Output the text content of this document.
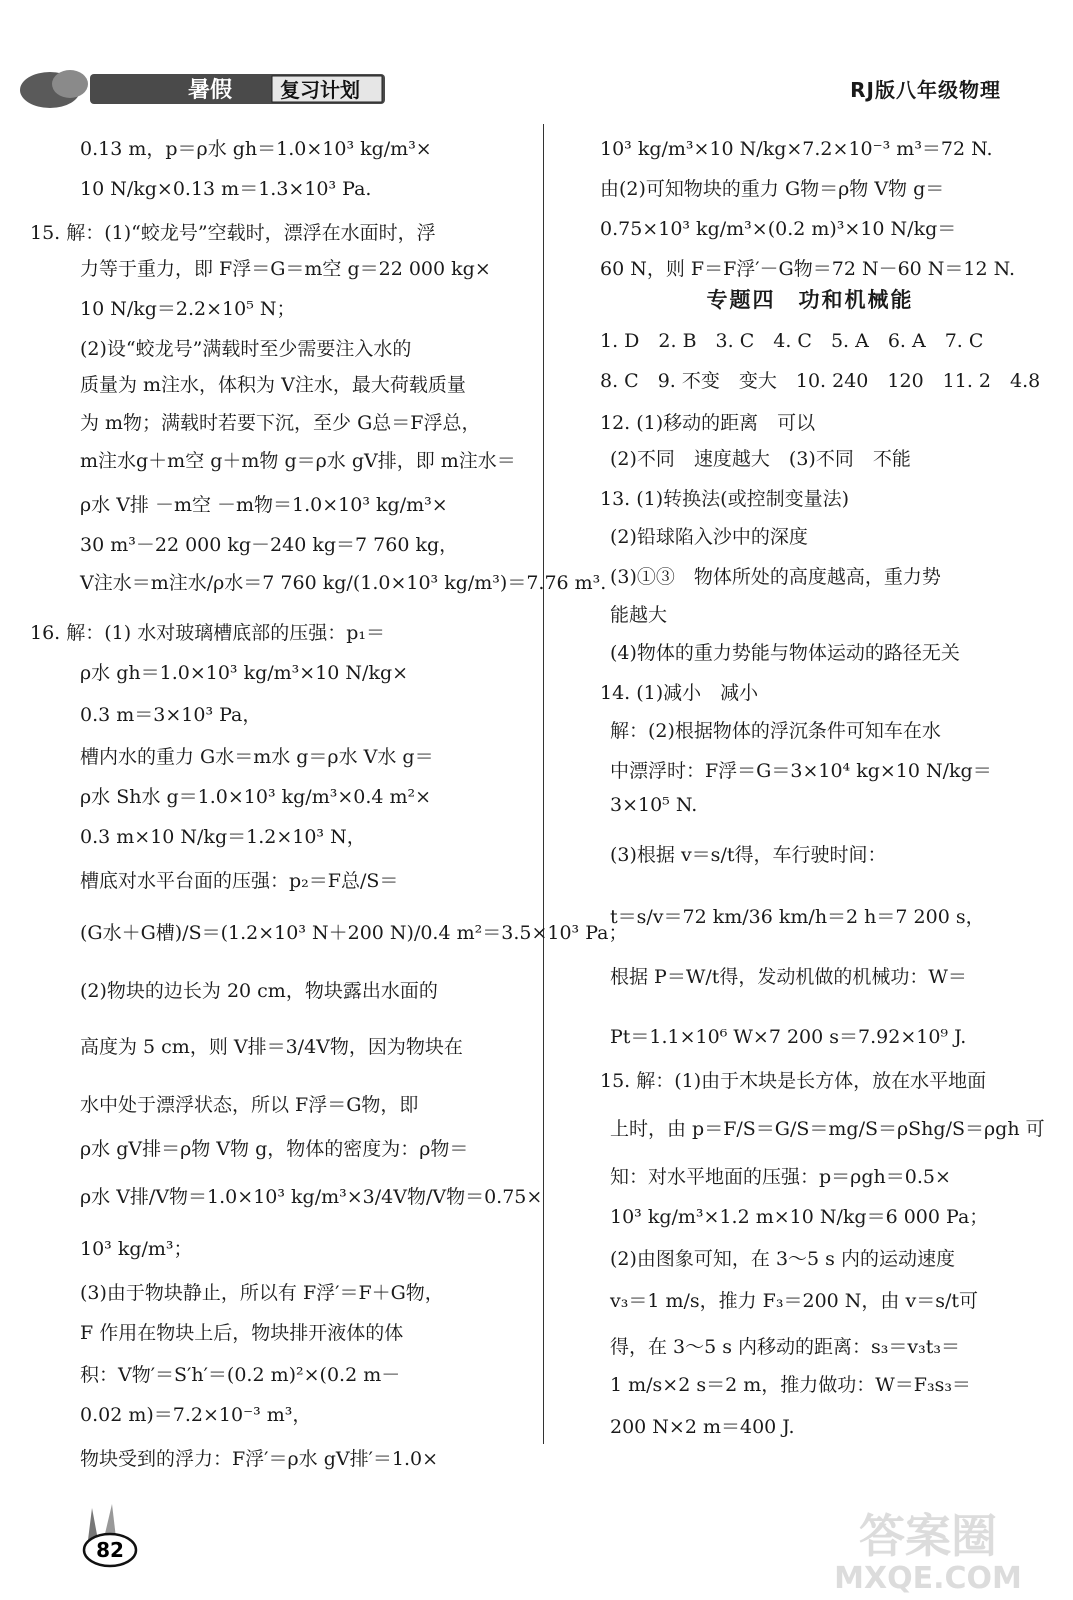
暑假 复习计划	RJ版八年级物理
0.13 m，p＝ρ水 gh＝1.0×10³ kg/m³×
10 N/kg×0.13 m＝1.3×10³ Pa.
15. 解：(1)“蛟龙号”空载时，漂浮在水面时，浮
力等于重力，即 F浮＝G＝m空 g＝22 000 kg×
10 N/kg＝2.2×10⁵ N；
(2)设“蛟龙号”满载时至少需要注入水的
质量为 m注水，体积为 V注水，最大荷载质量
为 m物；满载时若要下沉，至少 G总＝F浮总，
m注水g＋m空 g＋m物 g＝ρ水 gV排，即 m注水＝
ρ水 V排 －m空 －m物＝1.0×10³ kg/m³×
30 m³－22 000 kg－240 kg＝7 760 kg，
V注水＝m注水/ρ水＝7 760 kg/(1.0×10³ kg/m³)＝7.76 m³.
16. 解：(1) 水对玻璃槽底部的压强：p₁＝
ρ水 gh＝1.0×10³ kg/m³×10 N/kg×
0.3 m＝3×10³ Pa，
槽内水的重力 G水＝m水 g＝ρ水 V水 g＝
ρ水 Sh水 g＝1.0×10³ kg/m³×0.4 m²×
0.3 m×10 N/kg＝1.2×10³ N，
槽底对水平台面的压强：p₂＝F总/S＝
(G水＋G槽)/S＝(1.2×10³ N＋200 N)/0.4 m²＝3.5×10³ Pa；
(2)物块的边长为 20 cm，物块露出水面的
高度为 5 cm，则 V排＝3/4V物，因为物块在
水中处于漂浮状态，所以 F浮＝G物，即
ρ水 gV排＝ρ物 V物 g，物体的密度为：ρ物＝
ρ水 V排/V物＝1.0×10³ kg/m³×3/4V物/V物＝0.75×
10³ kg/m³；
(3)由于物块静止，所以有 F浮′＝F＋G物，
F 作用在物块上后，物块排开液体的体
积：V物′＝S′h′＝(0.2 m)²×(0.2 m－
0.02 m)＝7.2×10⁻³ m³，
物块受到的浮力：F浮′＝ρ水 gV排′＝1.0×
10³ kg/m³×10 N/kg×7.2×10⁻³ m³＝72 N.
由(2)可知物块的重力 G物＝ρ物 V物 g＝
0.75×10³ kg/m³×(0.2 m)³×10 N/kg＝
60 N，则 F＝F浮′－G物＝72 N－60 N＝12 N.
专题四　功和机械能
1. D　2. B　3. C　4. C　5. A　6. A　7. C
8. C　9. 不变　变大　10. 240　120　11. 2　4.8
12. (1)移动的距离　可以
(2)不同　速度越大　(3)不同　不能
13. (1)转换法(或控制变量法)
(2)铅球陷入沙中的深度
(3)①③　物体所处的高度越高，重力势
能越大
(4)物体的重力势能与物体运动的路径无关
14. (1)减小　减小
解：(2)根据物体的浮沉条件可知车在水
中漂浮时：F浮＝G＝3×10⁴ kg×10 N/kg＝
3×10⁵ N.
(3)根据 v＝s/t得，车行驶时间：
t＝s/v＝72 km/36 km/h＝2 h＝7 200 s，
根据 P＝W/t得，发动机做的机械功：W＝
Pt＝1.1×10⁶ W×7 200 s＝7.92×10⁹ J.
15. 解：(1)由于木块是长方体，放在水平地面
上时，由 p＝F/S＝G/S＝mg/S＝ρShg/S＝ρgh 可
知：对水平地面的压强：p＝ρgh＝0.5×
10³ kg/m³×1.2 m×10 N/kg＝6 000 Pa；
(2)由图象可知，在 3～5 s 内的运动速度
v₃＝1 m/s，推力 F₃＝200 N，由 v＝s/t可
得，在 3～5 s 内移动的距离：s₃＝v₃t₃＝
1 m/s×2 s＝2 m，推力做功：W＝F₃s₃＝
200 N×2 m＝400 J.
82	答案圈
MXQE.COM
